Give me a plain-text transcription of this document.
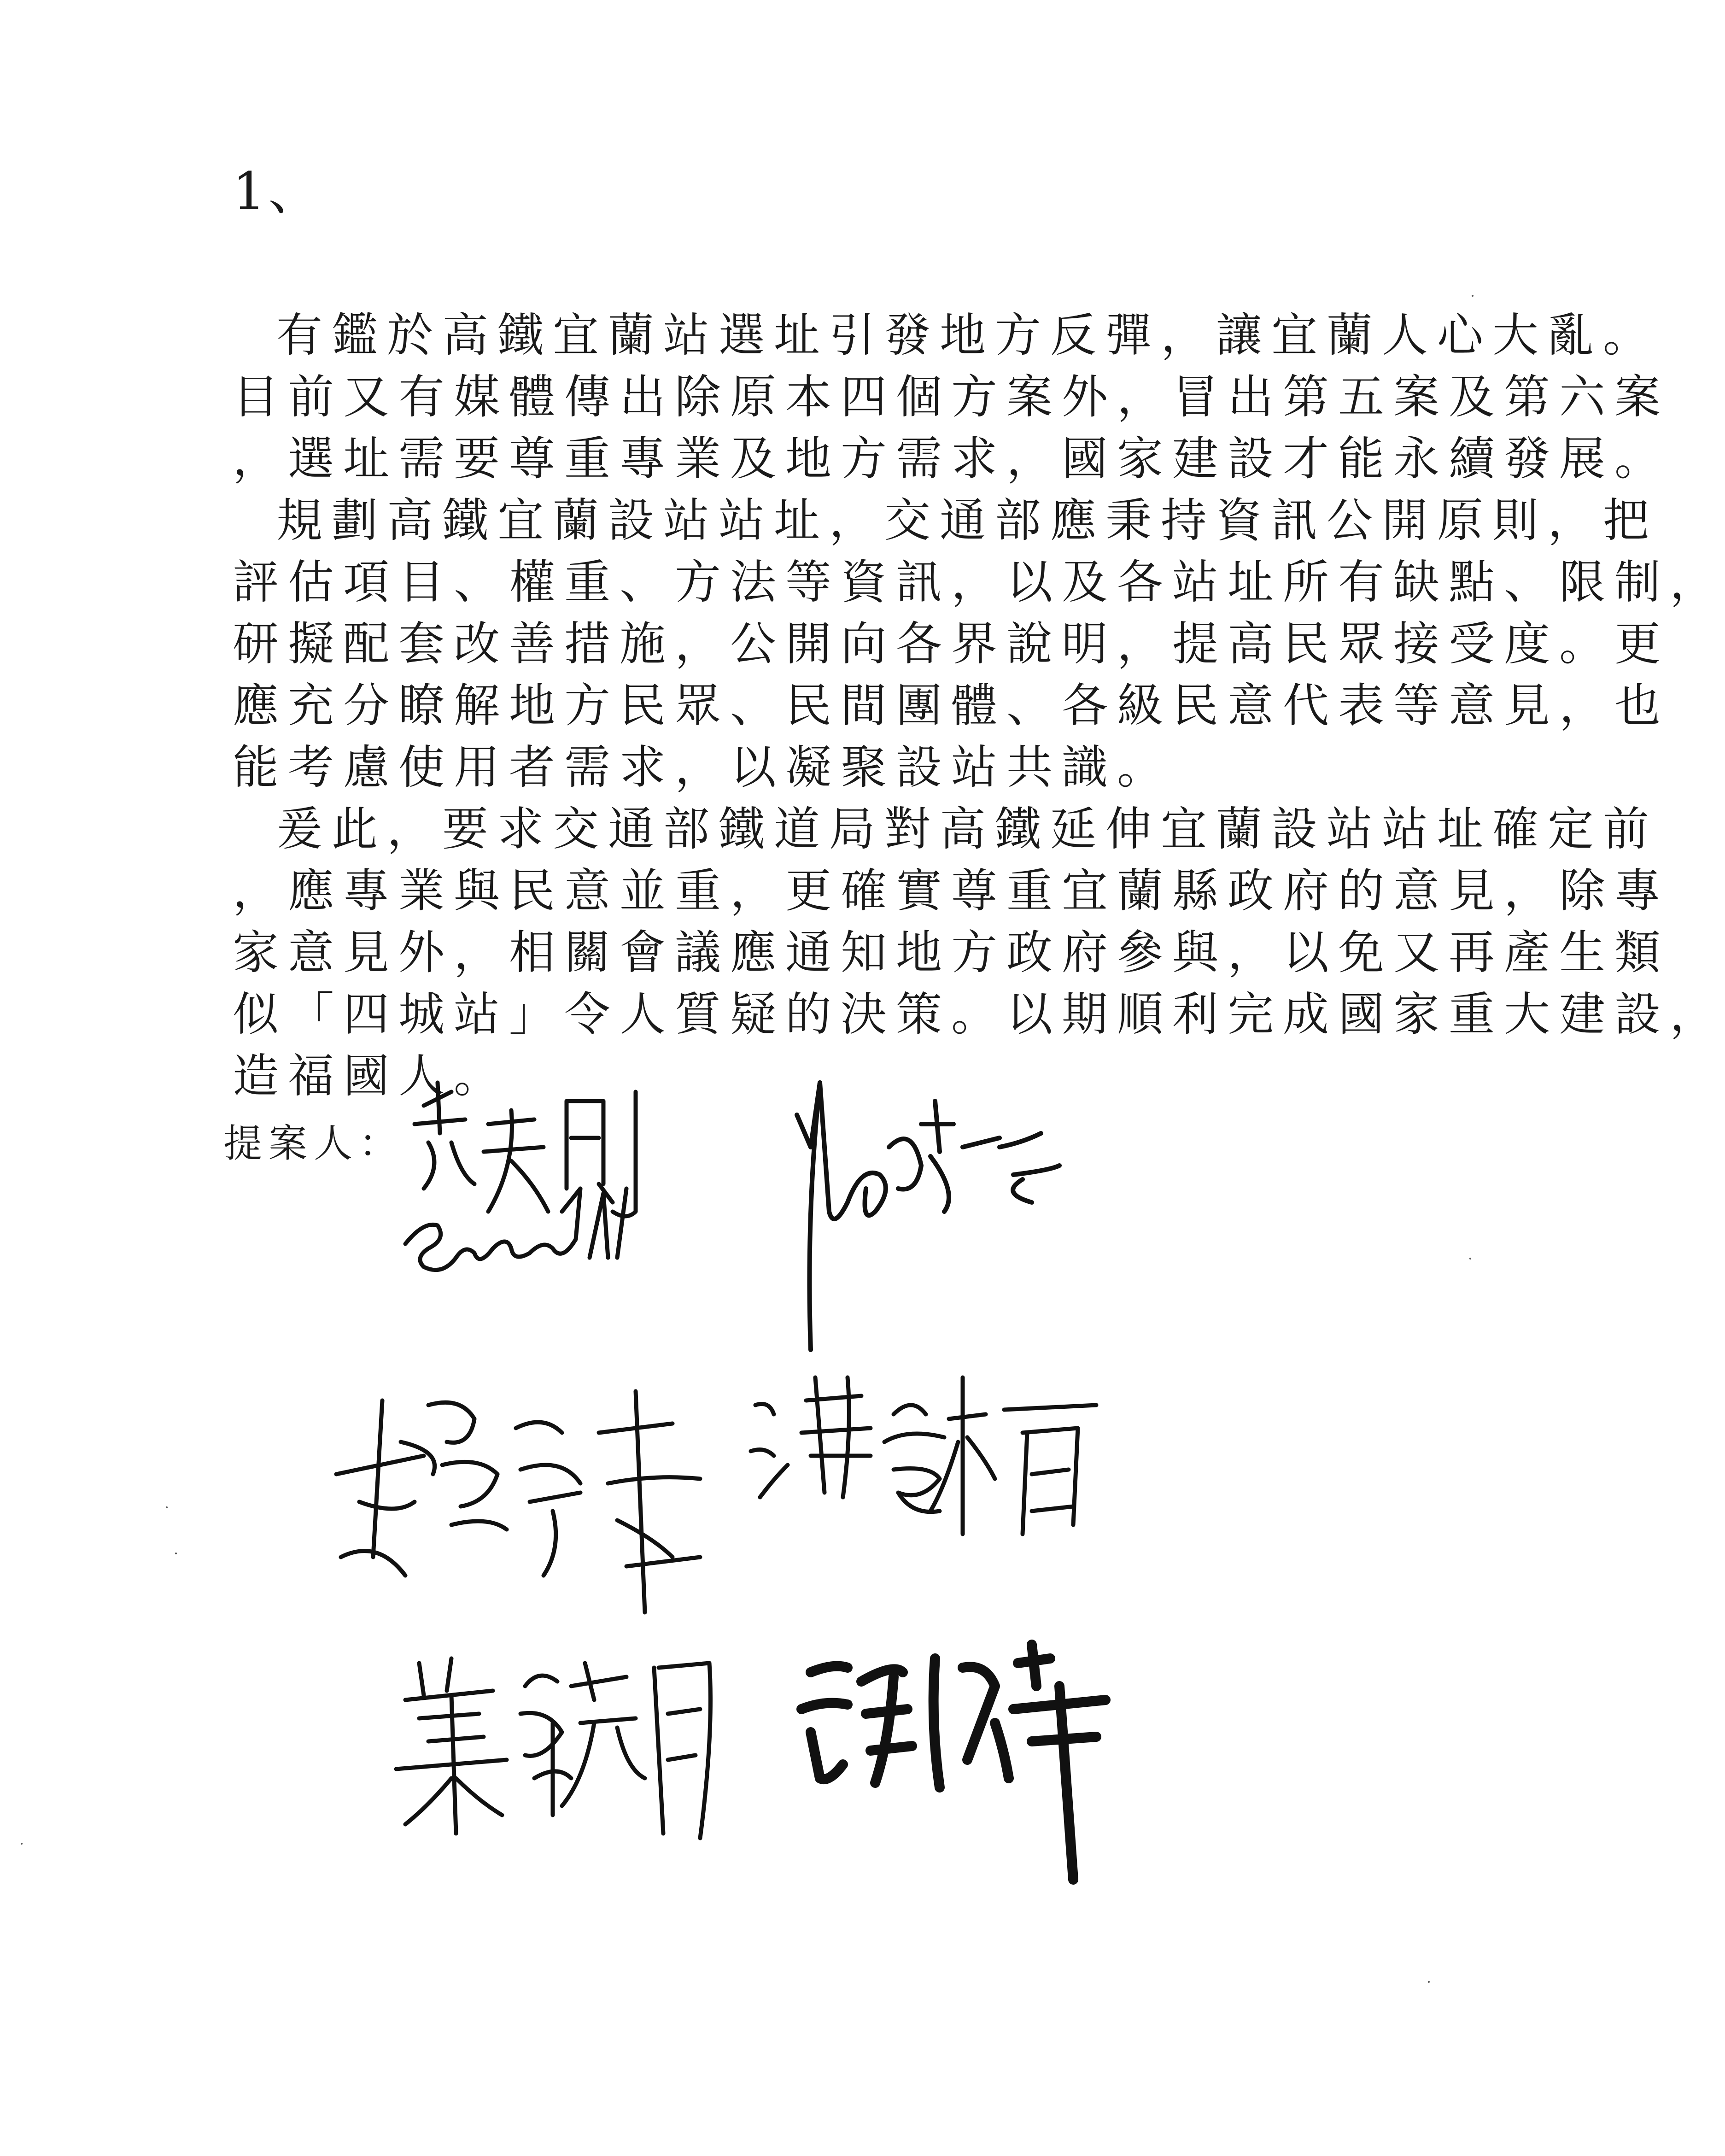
1、

有鑑於高鐵宜蘭站選址引發地方反彈，讓宜蘭人心大亂。

目前又有媒體傳出除原本四個方案外，冒出第五案及第六案

，選址需要尊重專業及地方需求，國家建設才能永續發展。

規劃高鐵宜蘭設站站址，交通部應秉持資訊公開原則，把

評估項目、權重、方法等資訊，以及各站址所有缺點、限制，

研擬配套改善措施，公開向各界說明，提高民眾接受度。更

應充分瞭解地方民眾、民間團體、各級民意代表等意見，也

能考慮使用者需求，以凝聚設站共識。

爰此，要求交通部鐵道局對高鐵延伸宜蘭設站站址確定前

，應專業與民意並重，更確實尊重宜蘭縣政府的意見，除專

家意見外，相關會議應通知地方政府參與，以免又再產生類

似「四城站」令人質疑的決策。以期順利完成國家重大建設，

造福國人。

提案人：
